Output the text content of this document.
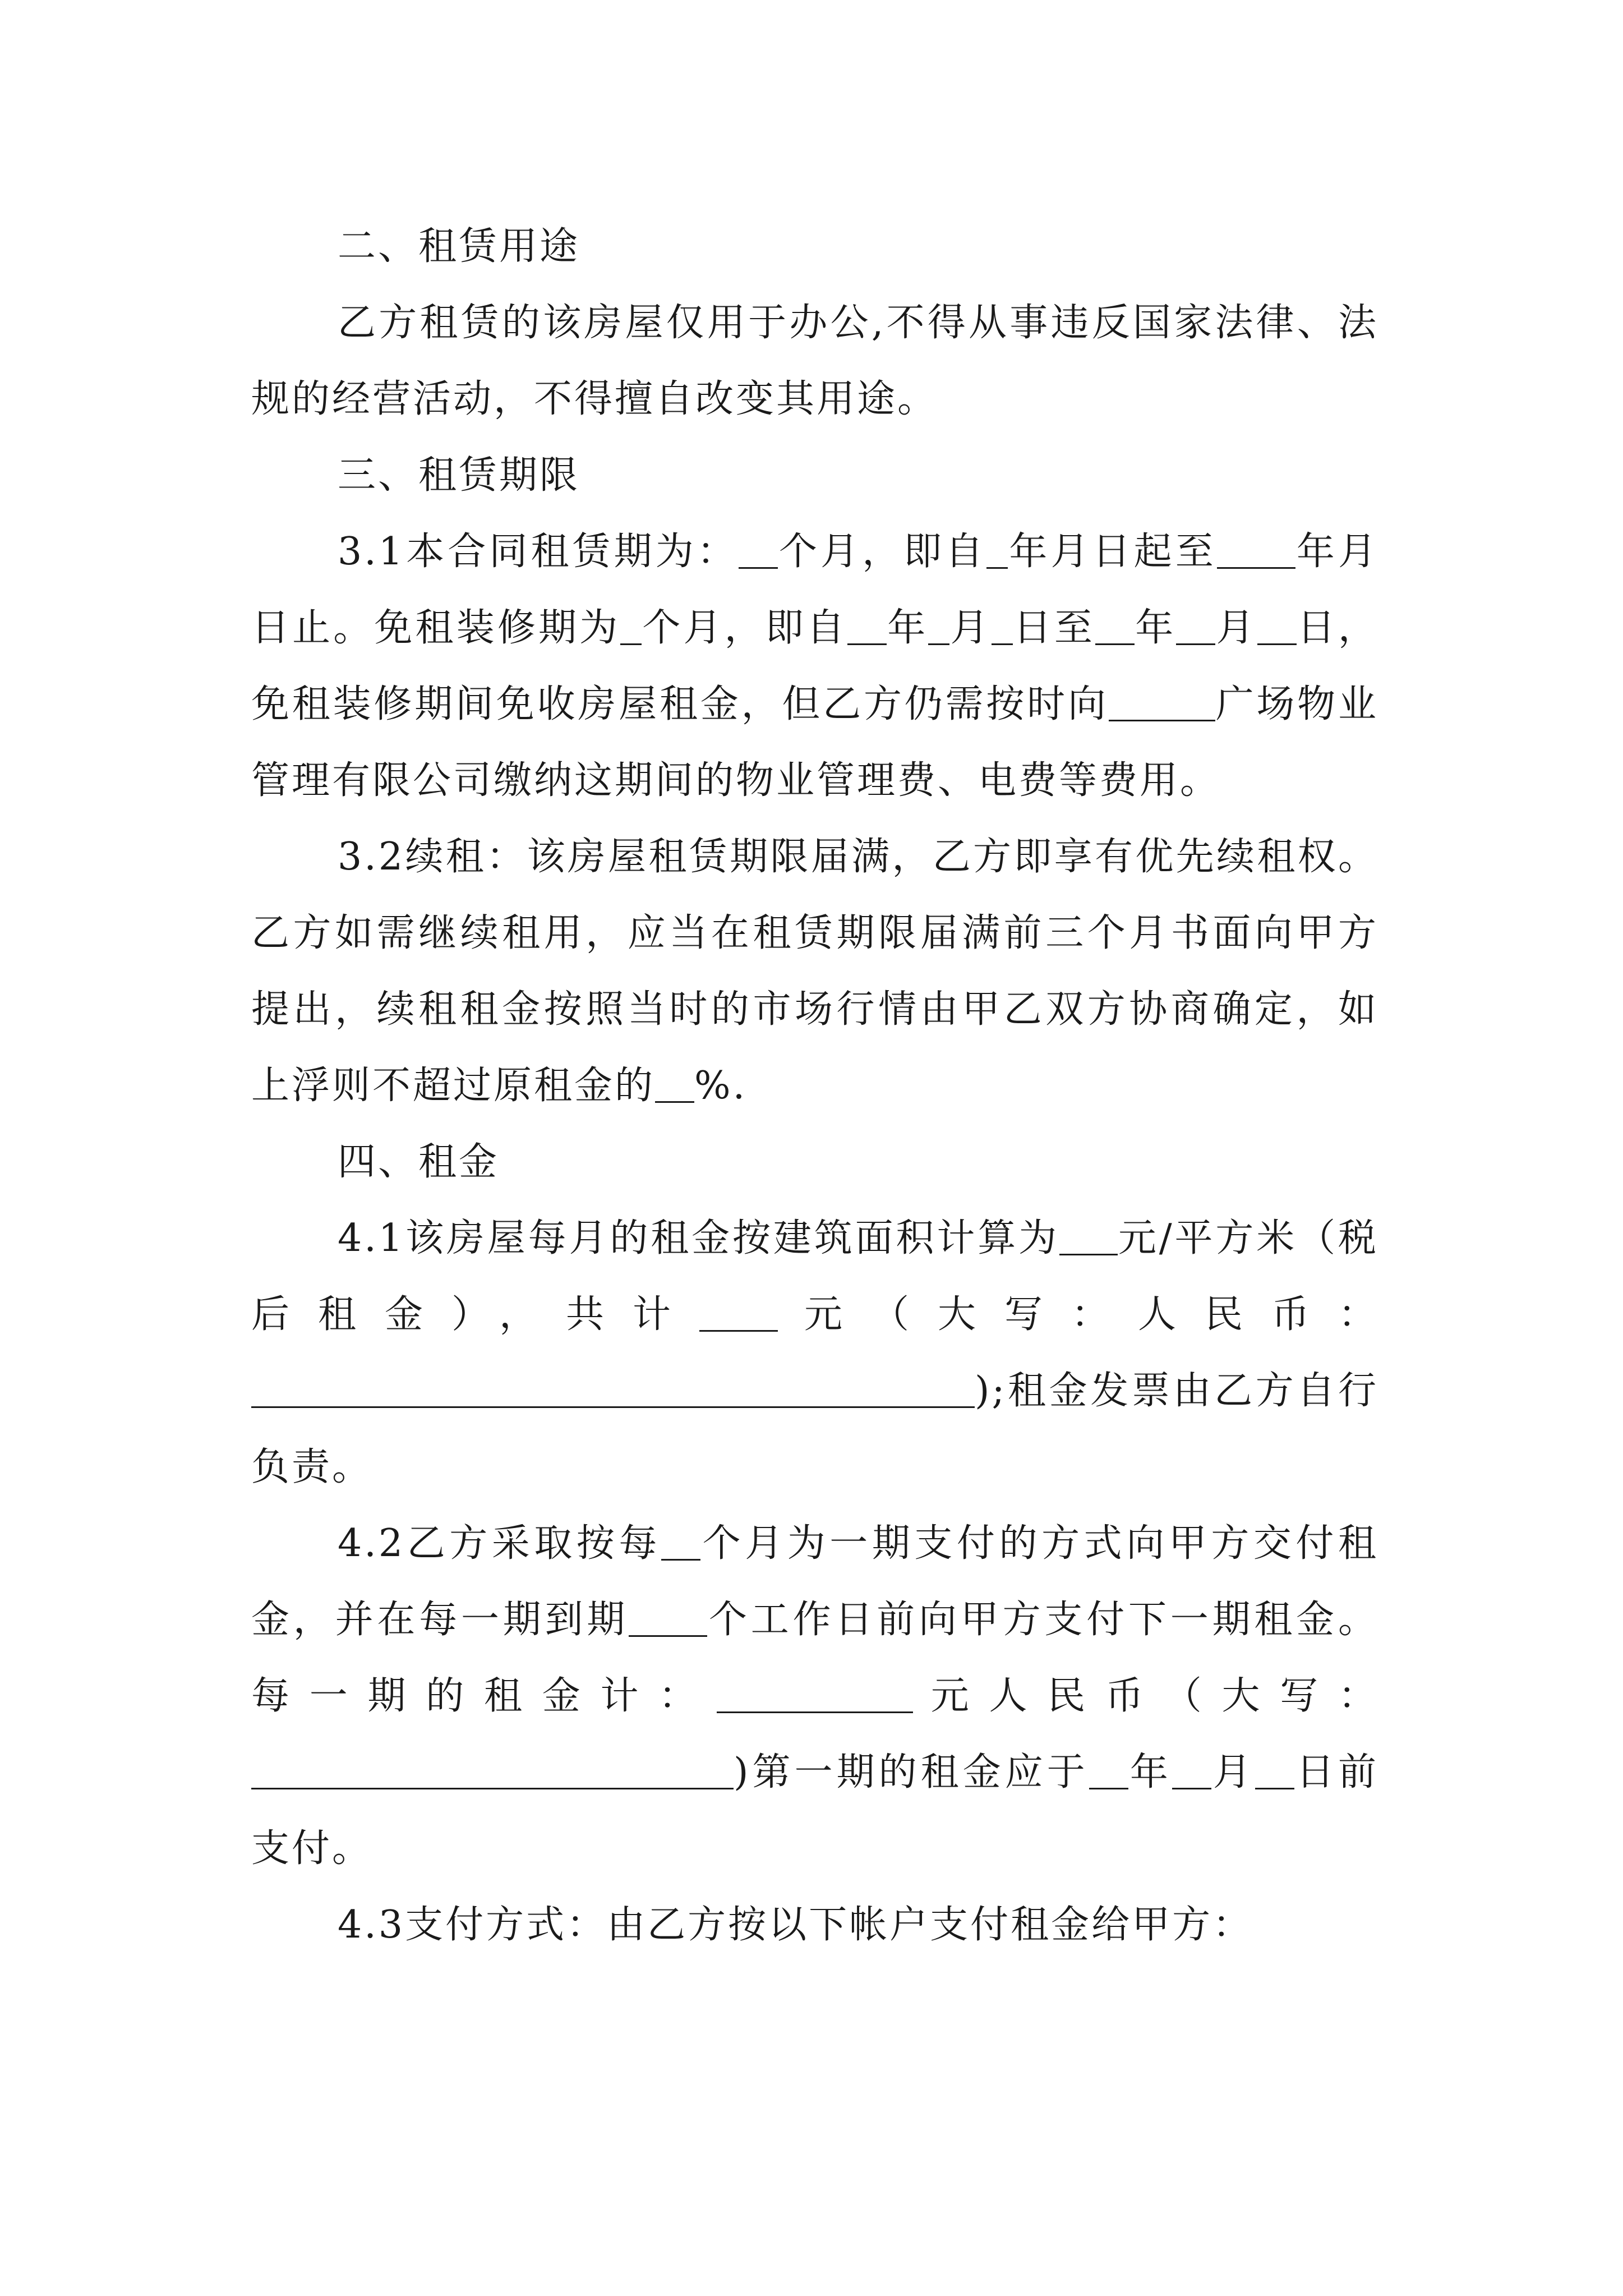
二、租赁用途

乙方租赁的该房屋仅用于办公,不得从事违反国家法律、法规的经营活动，不得擅自改变其用途。

三、租赁期限

3.1本合同租赁期为： 个月，即自 年月日起至 年月日止。免租装修期为 个月，即自 年 月 日至 年 月 日，免租装修期间免收房屋租金，但乙方仍需按时向	广场物业管理有限公司缴纳这期间的物业管理费、电费等费用。

3.2续租：该房屋租赁期限届满，乙方即享有优先续租权。乙方如需继续租用，应当在租赁期限届满前三个月书面向甲方提出，续租租金按照当时的市场行情由甲乙双方协商确定，如上浮则不超过原租金的 %.

四、租金

4.1该房屋每月的租金按建筑面积计算为 元/平方米（税后租金），共计 元（大写：人民币：);租金发票由乙方自行负责。

4.2乙方采取按每 个月为一期支付的方式向甲方交付租金，并在每一期到期 个工作日前向甲方支付下一期租金。每一期的租金计：	元人民币（大写：)第一期的租金应于 年 月 日前支付。

4.3支付方式：由乙方按以下帐户支付租金给甲方：
